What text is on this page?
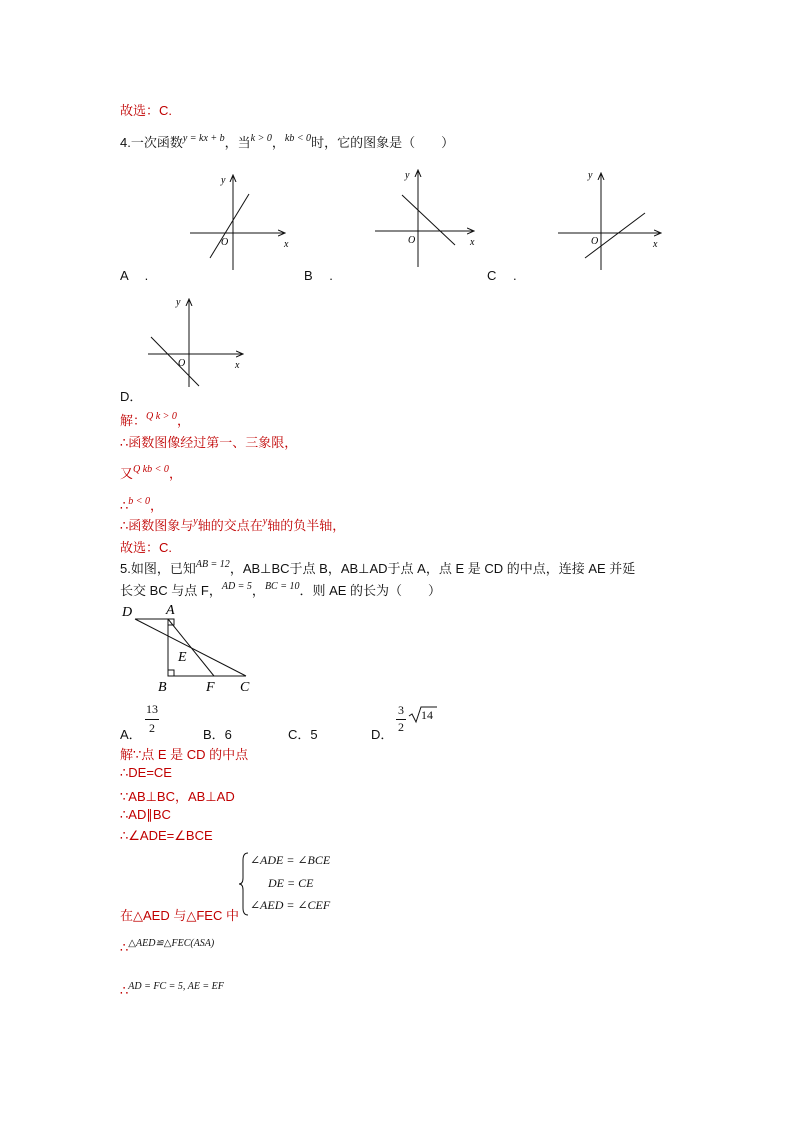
故选：C.
4.一次函数$^{y = kx + b}$，当$^{k > 0}$，$^{kb < 0}$时，它的图象是（　　）
y
x
O
y
x
O
y
x
O
A　 .	B　 .	C　 .
y
x
O
D．
解：$^{Q k > 0}$，
∴函数图像经过第一、三象限，
又$^{Q kb < 0}$，
∴$^{b < 0}$，
∴函数图象与$^y$轴的交点在$^y$轴的负半轴，
故选：C.
5.如图，已知$^{AB = 12}$，AB⊥BC于点 B，AB⊥AD于点 A，点 E 是 CD 的中点，连接 AE 并延
长交 BC 与点 F，$^{AD = 5}$，$^{BC = 10}$．则 AE 的长为（　　）
D A
E
B	F C
A．
13
2	B．6	C．5	D．
3
2
14
解∵点 E 是 CD 的中点
∴DE=CE
∵AB⊥BC，AB⊥AD
∴AD∥BC
∴∠ADE=∠BCE
∠ADE = ∠BCE
DE = CE
∠AED = ∠CEF
在△AED 与△FEC 中
∴$^{\triangle AED≌\triangle FEC(ASA)}$
∴$^{AD = FC = 5, AE = EF}$
